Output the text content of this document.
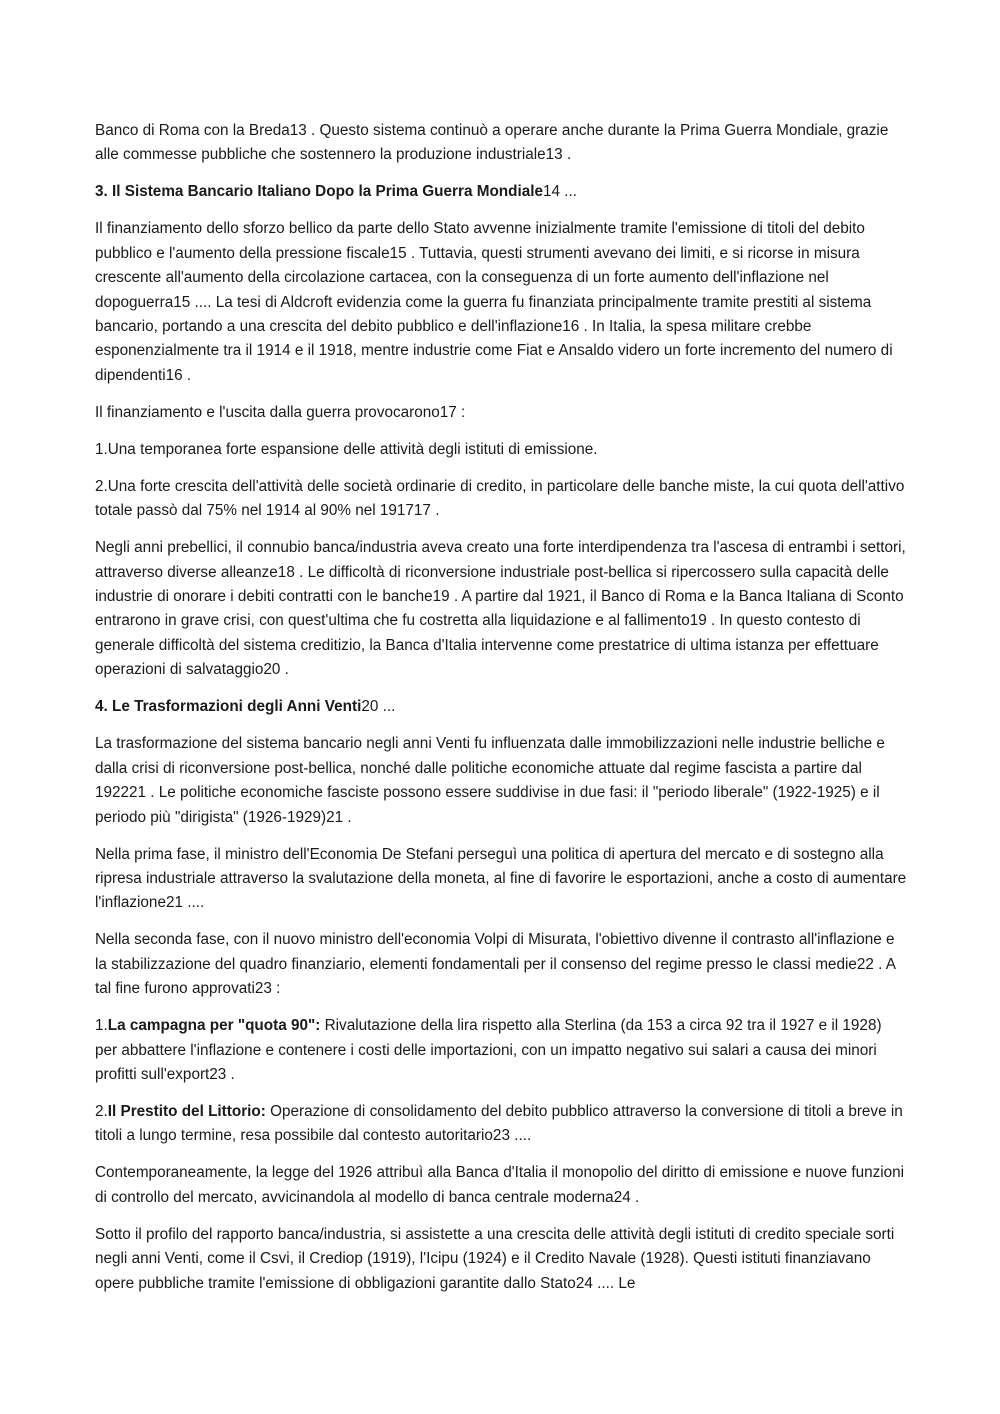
Banco di Roma con la Breda13 . Questo sistema continuò a operare anche durante la Prima Guerra Mondiale, grazie alle commesse pubbliche che sostennero la produzione industriale13 .

3. Il Sistema Bancario Italiano Dopo la Prima Guerra Mondiale14 ...

Il finanziamento dello sforzo bellico da parte dello Stato avvenne inizialmente tramite l'emissione di titoli del debito pubblico e l'aumento della pressione fiscale15 . Tuttavia, questi strumenti avevano dei limiti, e si ricorse in misura crescente all'aumento della circolazione cartacea, con la conseguenza di un forte aumento dell'inflazione nel dopoguerra15 .... La tesi di Aldcroft evidenzia come la guerra fu finanziata principalmente tramite prestiti al sistema bancario, portando a una crescita del debito pubblico e dell'inflazione16 . In Italia, la spesa militare crebbe esponenzialmente tra il 1914 e il 1918, mentre industrie come Fiat e Ansaldo videro un forte incremento del numero di dipendenti16 .

Il finanziamento e l'uscita dalla guerra provocarono17 :

1.Una temporanea forte espansione delle attività degli istituti di emissione.

2.Una forte crescita dell'attività delle società ordinarie di credito, in particolare delle banche miste, la cui quota dell'attivo totale passò dal 75% nel 1914 al 90% nel 191717 .

Negli anni prebellici, il connubio banca/industria aveva creato una forte interdipendenza tra l'ascesa di entrambi i settori, attraverso diverse alleanze18 . Le difficoltà di riconversione industriale post-bellica si ripercossero sulla capacità delle industrie di onorare i debiti contratti con le banche19 . A partire dal 1921, il Banco di Roma e la Banca Italiana di Sconto entrarono in grave crisi, con quest'ultima che fu costretta alla liquidazione e al fallimento19 . In questo contesto di generale difficoltà del sistema creditizio, la Banca d'Italia intervenne come prestatrice di ultima istanza per effettuare operazioni di salvataggio20 .

4. Le Trasformazioni degli Anni Venti20 ...

La trasformazione del sistema bancario negli anni Venti fu influenzata dalle immobilizzazioni nelle industrie belliche e dalla crisi di riconversione post-bellica, nonché dalle politiche economiche attuate dal regime fascista a partire dal 192221 . Le politiche economiche fasciste possono essere suddivise in due fasi: il "periodo liberale" (1922-1925) e il periodo più "dirigista" (1926-1929)21 .

Nella prima fase, il ministro dell'Economia De Stefani perseguì una politica di apertura del mercato e di sostegno alla ripresa industriale attraverso la svalutazione della moneta, al fine di favorire le esportazioni, anche a costo di aumentare l'inflazione21 ....

Nella seconda fase, con il nuovo ministro dell'economia Volpi di Misurata, l'obiettivo divenne il contrasto all'inflazione e la stabilizzazione del quadro finanziario, elementi fondamentali per il consenso del regime presso le classi medie22 . A tal fine furono approvati23 :

1.La campagna per "quota 90": Rivalutazione della lira rispetto alla Sterlina (da 153 a circa 92 tra il 1927 e il 1928) per abbattere l'inflazione e contenere i costi delle importazioni, con un impatto negativo sui salari a causa dei minori profitti sull'export23 .

2.Il Prestito del Littorio: Operazione di consolidamento del debito pubblico attraverso la conversione di titoli a breve in titoli a lungo termine, resa possibile dal contesto autoritario23 ....

Contemporaneamente, la legge del 1926 attribuì alla Banca d'Italia il monopolio del diritto di emissione e nuove funzioni di controllo del mercato, avvicinandola al modello di banca centrale moderna24 .

Sotto il profilo del rapporto banca/industria, si assistette a una crescita delle attività degli istituti di credito speciale sorti negli anni Venti, come il Csvi, il Crediop (1919), l'Icipu (1924) e il Credito Navale (1928). Questi istituti finanziavano opere pubbliche tramite l'emissione di obbligazioni garantite dallo Stato24 .... Le
